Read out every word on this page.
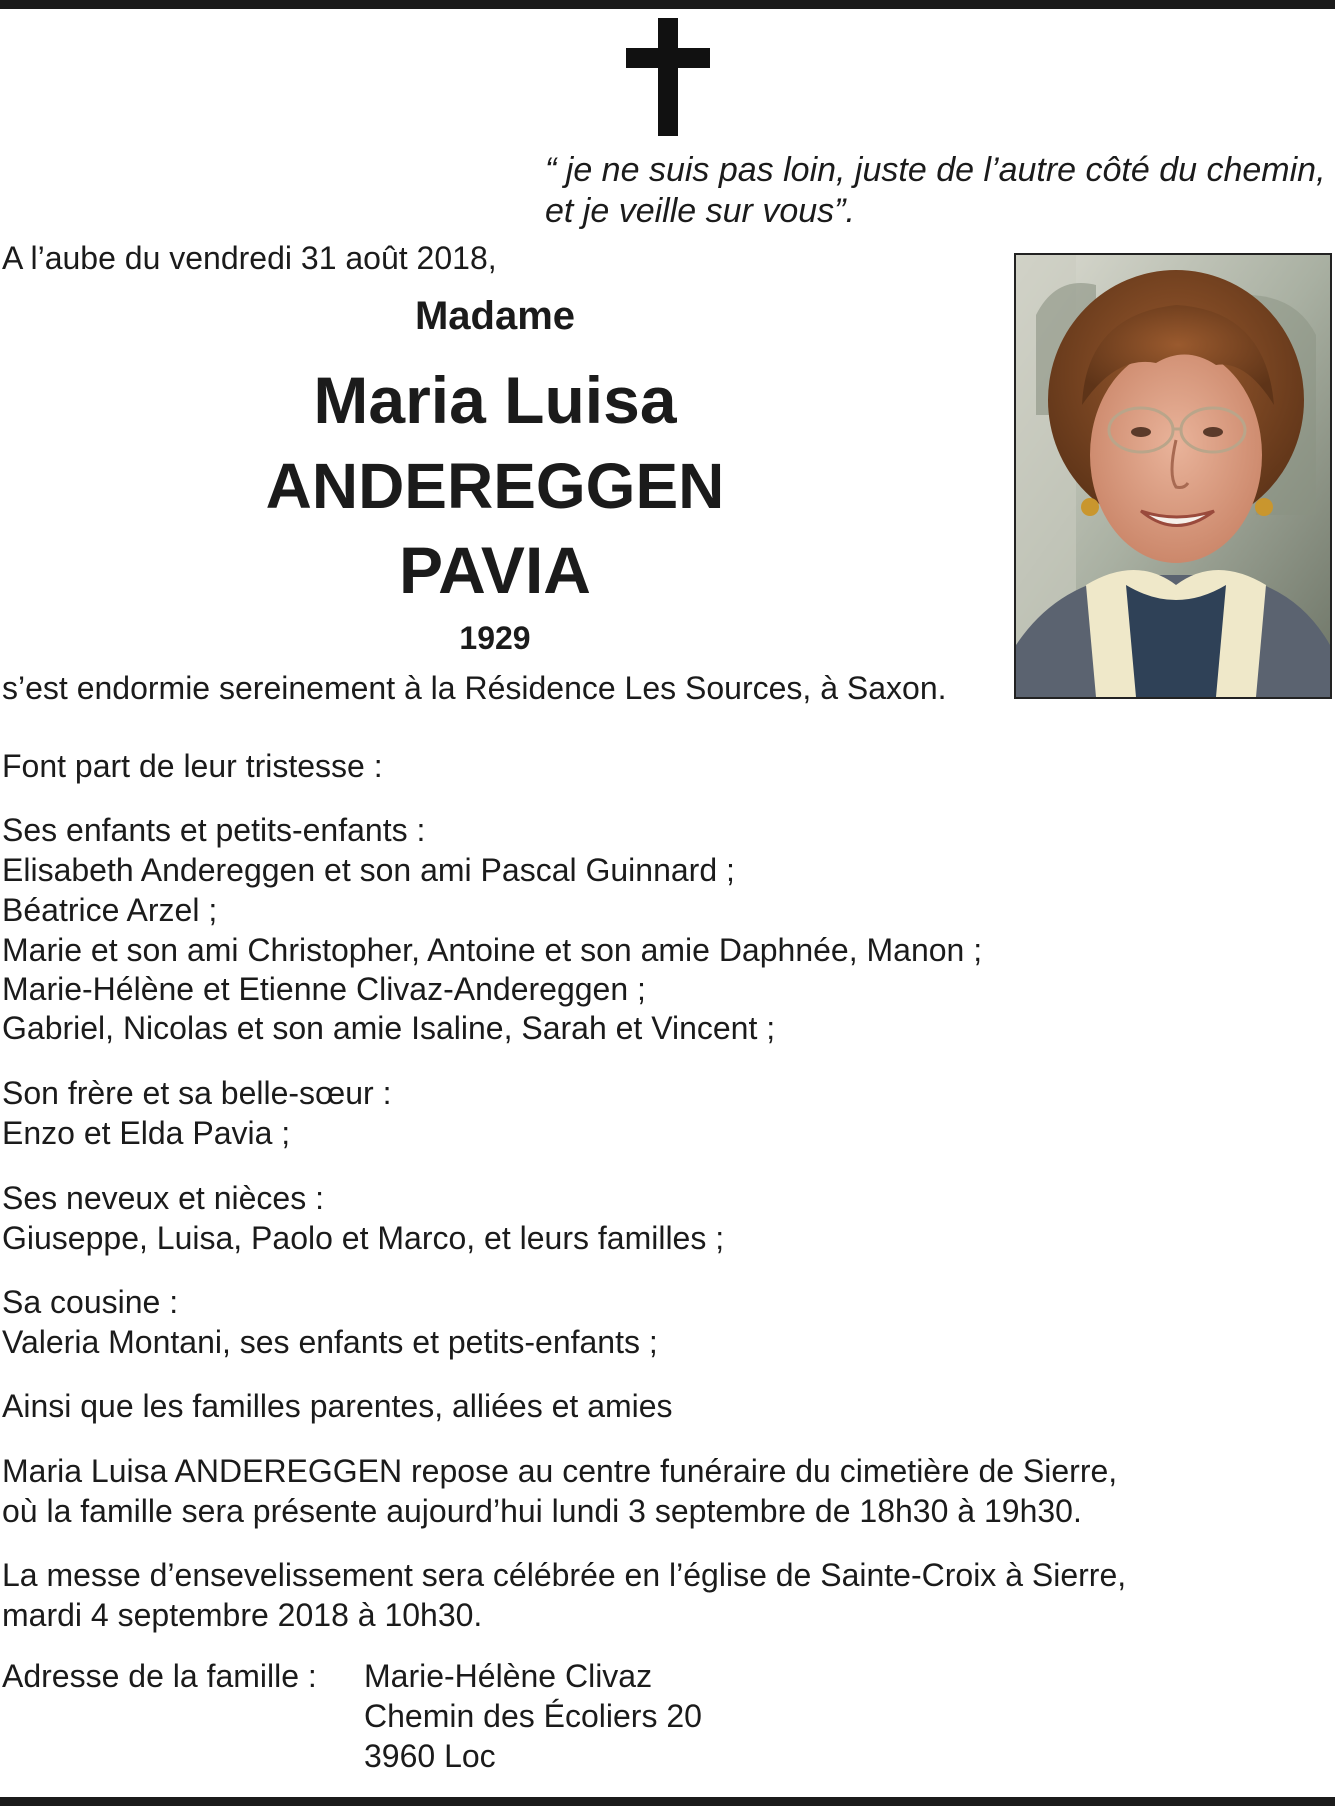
“ je ne suis pas loin, juste de l’autre côté du chemin,
et je veille sur vous”.
A l’aube du vendredi 31 août 2018,
Madame
Maria Luisa
ANDEREGGEN
PAVIA
1929
s’est endormie sereinement à la Résidence Les Sources, à Saxon.
Font part de leur tristesse :
Ses enfants et petits-enfants :
Elisabeth Andereggen et son ami Pascal Guinnard ;
Béatrice Arzel ;
Marie et son ami Christopher, Antoine et son amie Daphnée, Manon ;
Marie-Hélène et Etienne Clivaz-Andereggen ;
Gabriel, Nicolas et son amie Isaline, Sarah et Vincent ;
Son frère et sa belle-sœur :
Enzo et Elda Pavia ;
Ses neveux et nièces :
Giuseppe, Luisa, Paolo et Marco, et leurs familles ;
Sa cousine :
Valeria Montani, ses enfants et petits-enfants ;
Ainsi que les familles parentes, alliées et amies
Maria Luisa ANDEREGGEN repose au centre funéraire du cimetière de Sierre,
où la famille sera présente aujourd’hui lundi 3 septembre de 18h30 à 19h30.
La messe d’ensevelissement sera célébrée en l’église de Sainte-Croix à Sierre,
mardi 4 septembre 2018 à 10h30.
Adresse de la famille : Marie-Hélène Clivaz
Chemin des Écoliers 20
3960 Loc
